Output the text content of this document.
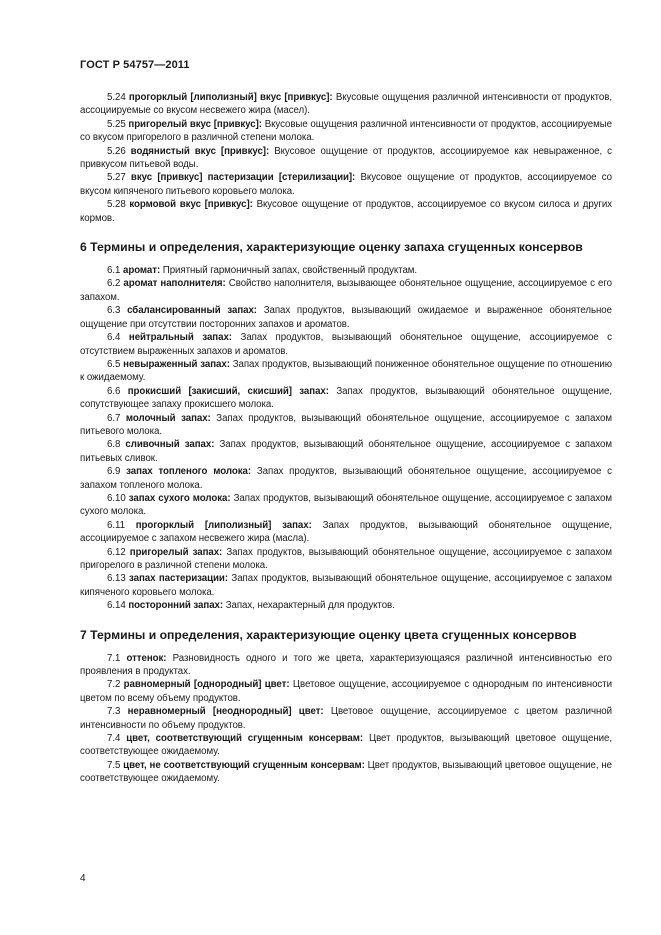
ГОСТ Р 54757—2011

5.24 прогорклый [липолизный] вкус [привкус]: Вкусовые ощущения различной интенсивности от продуктов, ассоциируемые со вкусом несвежего жира (масел).

5.25 пригорелый вкус [привкус]: Вкусовые ощущения различной интенсивности от продуктов, ассоциируемые со вкусом пригорелого в различной степени молока.

5.26 водянистый вкус [привкус]: Вкусовое ощущение от продуктов, ассоциируемое как невыраженное, с привкусом питьевой воды.

5.27 вкус [привкус] пастеризации [стерилизации]: Вкусовое ощущение от продуктов, ассоциируемое со вкусом кипяченого питьевого коровьего молока.

5.28 кормовой вкус [привкус]: Вкусовое ощущение от продуктов, ассоциируемое со вкусом силоса и других кормов.

6 Термины и определения, характеризующие оценку запаха сгущенных консервов

6.1 аромат: Приятный гармоничный запах, свойственный продуктам.

6.2 аромат наполнителя: Свойство наполнителя, вызывающее обонятельное ощущение, ассоциируемое с его запахом.

6.3 сбалансированный запах: Запах продуктов, вызывающий ожидаемое и выраженное обонятельное ощущение при отсутствии посторонних запахов и ароматов.

6.4 нейтральный запах: Запах продуктов, вызывающий обонятельное ощущение, ассоциируемое с отсутствием выраженных запахов и ароматов.

6.5 невыраженный запах: Запах продуктов, вызывающий пониженное обонятельное ощущение по отношению к ожидаемому.

6.6 прокисший [закисший, скисший] запах: Запах продуктов, вызывающий обонятельное ощущение, сопутствующее запаху прокисшего молока.

6.7 молочный запах: Запах продуктов, вызывающий обонятельное ощущение, ассоциируемое с запахом питьевого молока.

6.8 сливочный запах: Запах продуктов, вызывающий обонятельное ощущение, ассоциируемое с запахом питьевых сливок.

6.9 запах топленого молока: Запах продуктов, вызывающий обонятельное ощущение, ассоциируемое с запахом топленого молока.

6.10 запах сухого молока: Запах продуктов, вызывающий обонятельное ощущение, ассоциируемое с запахом сухого молока.

6.11 прогорклый [липолизный] запах: Запах продуктов, вызывающий обонятельное ощущение, ассоциируемое с запахом несвежего жира (масла).

6.12 пригорелый запах: Запах продуктов, вызывающий обонятельное ощущение, ассоциируемое с запахом пригорелого в различной степени молока.

6.13 запах пастеризации: Запах продуктов, вызывающий обонятельное ощущение, ассоциируемое с запахом кипяченого коровьего молока.

6.14 посторонний запах: Запах, нехарактерный для продуктов.

7 Термины и определения, характеризующие оценку цвета сгущенных консервов

7.1 оттенок: Разновидность одного и того же цвета, характеризующаяся различной интенсивностью его проявления в продуктах.

7.2 равномерный [однородный] цвет: Цветовое ощущение, ассоциируемое с однородным по интенсивности цветом по всему объему продуктов.

7.3 неравномерный [неоднородный] цвет: Цветовое ощущение, ассоциируемое с цветом различной интенсивности по объему продуктов.

7.4 цвет, соответствующий сгущенным консервам: Цвет продуктов, вызывающий цветовое ощущение, соответствующее ожидаемому.

7.5 цвет, не соответствующий сгущенным консервам: Цвет продуктов, вызывающий цветовое ощущение, не соответствующее ожидаемому.

4
